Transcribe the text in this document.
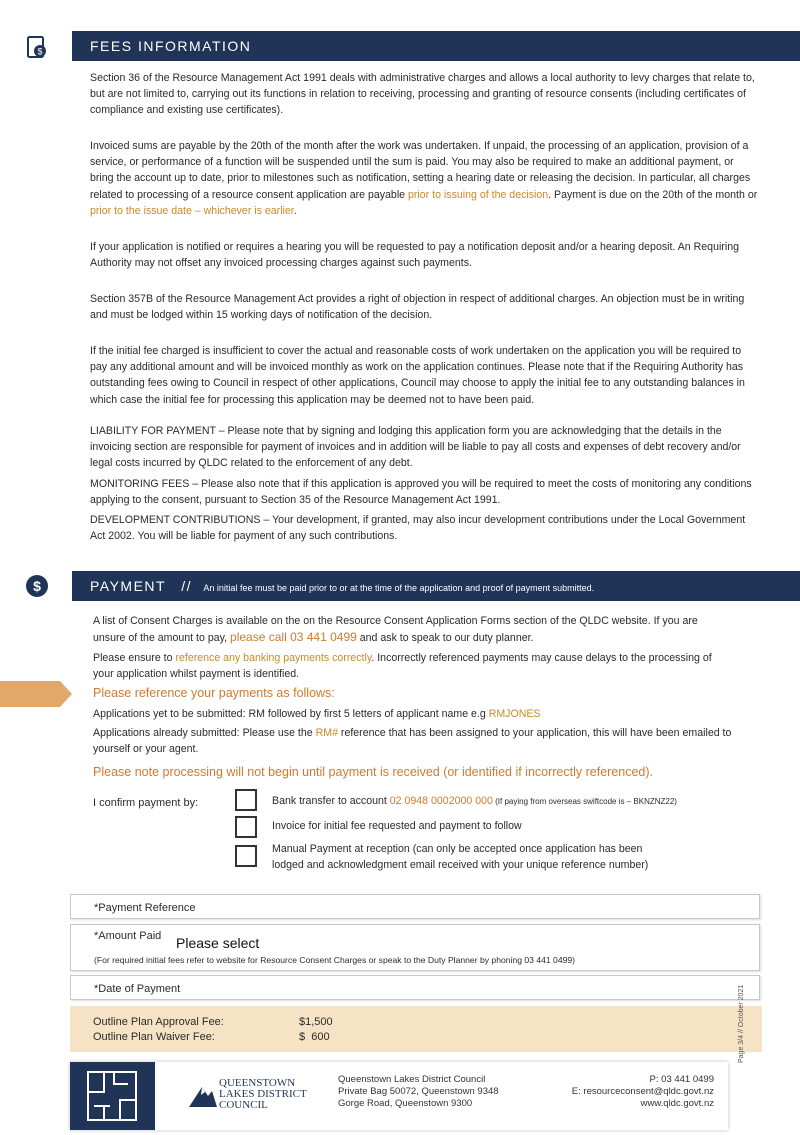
$	FEES INFORMATION

Section 36 of the Resource Management Act 1991 deals with administrative charges and allows a local authority to levy charges that relate to, but are not limited to, carrying out its functions in relation to receiving, processing and granting of resource consents (including certificates of compliance and existing use certificates).

Invoiced sums are payable by the 20th of the month after the work was undertaken. If unpaid, the processing of an application, provision of a service, or performance of a function will be suspended until the sum is paid. You may also be required to make an additional payment, or bring the account up to date, prior to milestones such as notification, setting a hearing date or releasing the decision. In particular, all charges related to processing of a resource consent application are payable prior to issuing of the decision. Payment is due on the 20th of the month or prior to the issue date – whichever is earlier.

If your application is notified or requires a hearing you will be requested to pay a notification deposit and/or a hearing deposit. An Requiring Authority may not offset any invoiced processing charges against such payments.

Section 357B of the Resource Management Act provides a right of objection in respect of additional charges. An objection must be in writing and must be lodged within 15 working days of notification of the decision.

If the initial fee charged is insufficient to cover the actual and reasonable costs of work undertaken on the application you will be required to pay any additional amount and will be invoiced monthly as work on the application continues. Please note that if the Requiring Authority has outstanding fees owing to Council in respect of other applications, Council may choose to apply the initial fee to any outstanding balances in which case the initial fee for processing this application may be deemed not to have been paid.

LIABILITY FOR PAYMENT – Please note that by signing and lodging this application form you are acknowledging that the details in the invoicing section are responsible for payment of invoices and in addition will be liable to pay all costs and expenses of debt recovery and/or legal costs incurred by QLDC related to the enforcement of any debt.

MONITORING FEES – Please also note that if this application is approved you will be required to meet the costs of monitoring any conditions applying to the consent, pursuant to Section 35 of the Resource Management Act 1991.

DEVELOPMENT CONTRIBUTIONS – Your development, if granted, may also incur development contributions under the Local Government Act 2002. You will be liable for payment of any such contributions.

$	PAYMENT // An initial fee must be paid prior to or at the time of the application and proof of payment submitted.

A list of Consent Charges is available on the on the Resource Consent Application Forms section of the QLDC website. If you are unsure of the amount to pay, please call 03 441 0499 and ask to speak to our duty planner.

Please ensure to reference any banking payments correctly. Incorrectly referenced payments may cause delays to the processing of your application whilst payment is identified.

Please reference your payments as follows:

Applications yet to be submitted: RM followed by first 5 letters of applicant name e.g RMJONES

Applications already submitted: Please use the RM# reference that has been assigned to your application, this will have been emailed to yourself or your agent.

Please note processing will not begin until payment is received (or identified if incorrectly referenced).
I confirm payment by:	Bank transfer to account 02 0948 0002000 000 (If paying from overseas swiftcode is – BKNZNZ22)
Invoice for initial fee requested and payment to follow
Manual Payment at reception (can only be accepted once application has been
lodged and acknowledgment email received with your unique reference number)
*Payment Reference
*Amount Paid Please select
(For required initial fees refer to website for Resource Consent Charges or speak to the Duty Planner by phoning 03 441 0499)
*Date of Payment
Outline Plan Approval Fee:	$1,500
Outline Plan Waiver Fee:	$  600
QUEENSTOWN
LAKES DISTRICT
COUNCIL
Queenstown Lakes District Council
Private Bag 50072, Queenstown 9348
Gorge Road, Queenstown 9300
P: 03 441 0499
E: resourceconsent@qldc.govt.nz
www.qldc.govt.nz
Page 3/4 // October 2021
